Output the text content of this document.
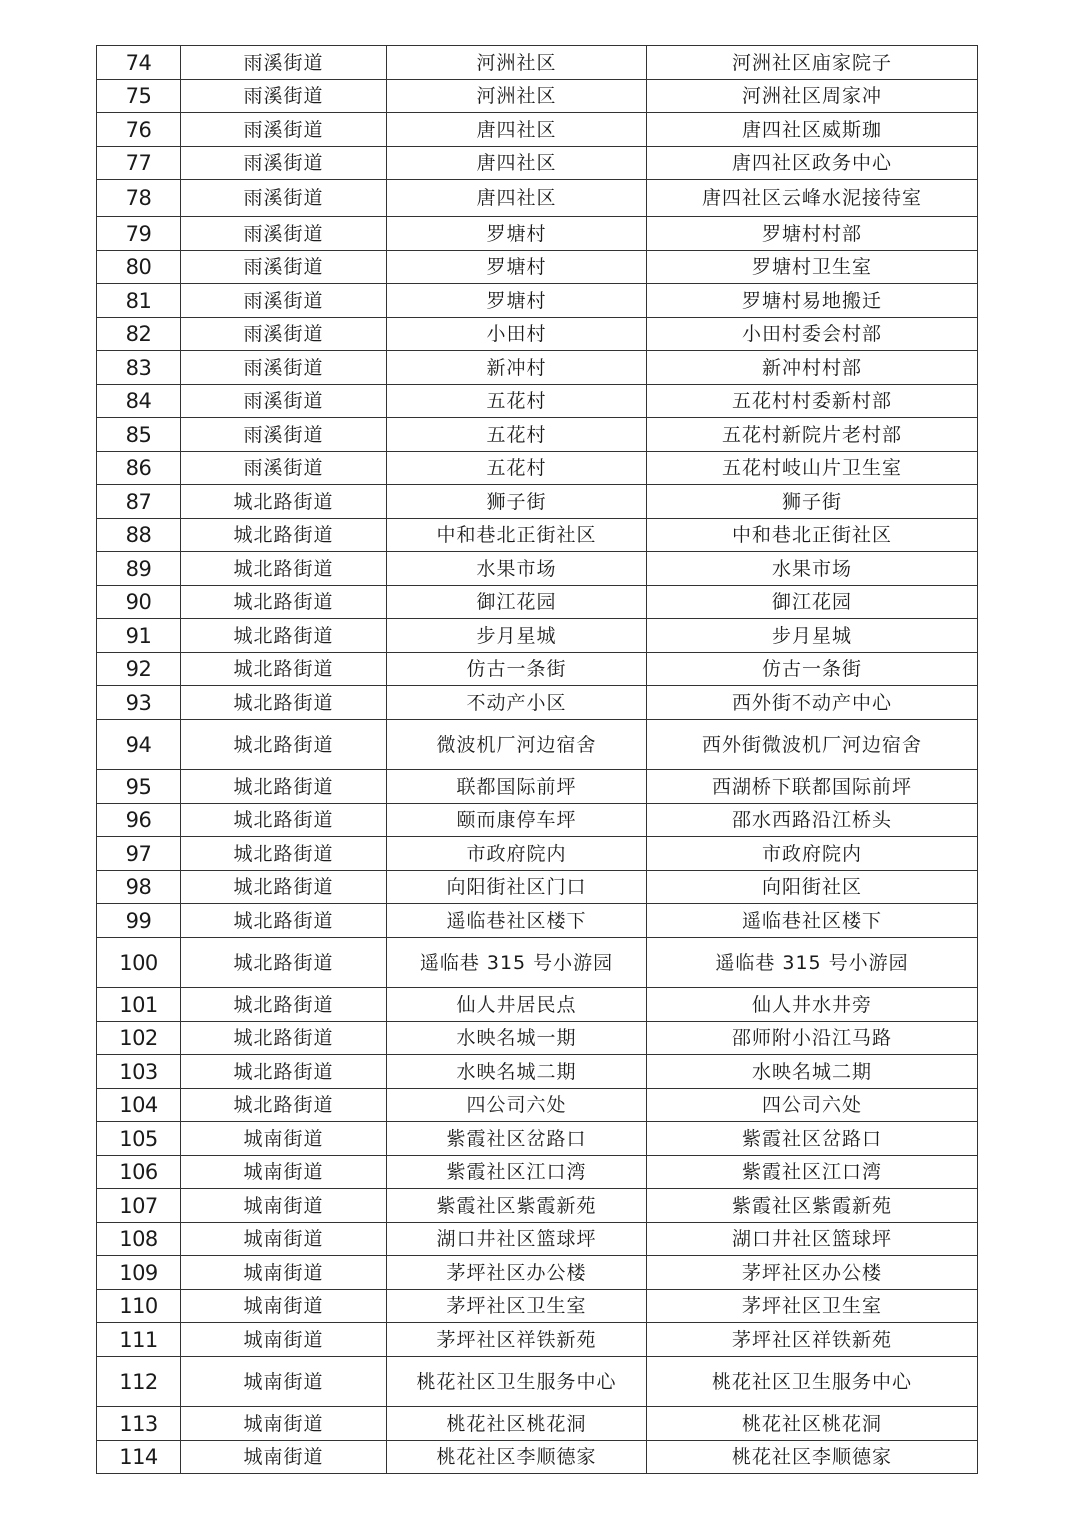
74	雨溪街道	河洲社区	河洲社区庙家院子
75	雨溪街道	河洲社区	河洲社区周家冲
76	雨溪街道	唐四社区	唐四社区威斯珈
77	雨溪街道	唐四社区	唐四社区政务中心
78	雨溪街道	唐四社区	唐四社区云峰水泥接待室
79	雨溪街道	罗塘村	罗塘村村部
80	雨溪街道	罗塘村	罗塘村卫生室
81	雨溪街道	罗塘村	罗塘村易地搬迁
82	雨溪街道	小田村	小田村委会村部
83	雨溪街道	新冲村	新冲村村部
84	雨溪街道	五花村	五花村村委新村部
85	雨溪街道	五花村	五花村新院片老村部
86	雨溪街道	五花村	五花村岐山片卫生室
87	城北路街道	狮子街	狮子街
88	城北路街道	中和巷北正街社区	中和巷北正街社区
89	城北路街道	水果市场	水果市场
90	城北路街道	御江花园	御江花园
91	城北路街道	步月星城	步月星城
92	城北路街道	仿古一条街	仿古一条街
93	城北路街道	不动产小区	西外街不动产中心
94	城北路街道	微波机厂河边宿舍	西外街微波机厂河边宿舍
95	城北路街道	联都国际前坪	西湖桥下联都国际前坪
96	城北路街道	颐而康停车坪	邵水西路沿江桥头
97	城北路街道	市政府院内	市政府院内
98	城北路街道	向阳街社区门口	向阳街社区
99	城北路街道	遥临巷社区楼下	遥临巷社区楼下
100	城北路街道	遥临巷 315 号小游园	遥临巷 315 号小游园
101	城北路街道	仙人井居民点	仙人井水井旁
102	城北路街道	水映名城一期	邵师附小沿江马路
103	城北路街道	水映名城二期	水映名城二期
104	城北路街道	四公司六处	四公司六处
105	城南街道	紫霞社区岔路口	紫霞社区岔路口
106	城南街道	紫霞社区江口湾	紫霞社区江口湾
107	城南街道	紫霞社区紫霞新苑	紫霞社区紫霞新苑
108	城南街道	湖口井社区篮球坪	湖口井社区篮球坪
109	城南街道	茅坪社区办公楼	茅坪社区办公楼
110	城南街道	茅坪社区卫生室	茅坪社区卫生室
111	城南街道	茅坪社区祥铁新苑	茅坪社区祥铁新苑
112	城南街道	桃花社区卫生服务中心	桃花社区卫生服务中心
113	城南街道	桃花社区桃花洞	桃花社区桃花洞
114	城南街道	桃花社区李顺德家	桃花社区李顺德家
